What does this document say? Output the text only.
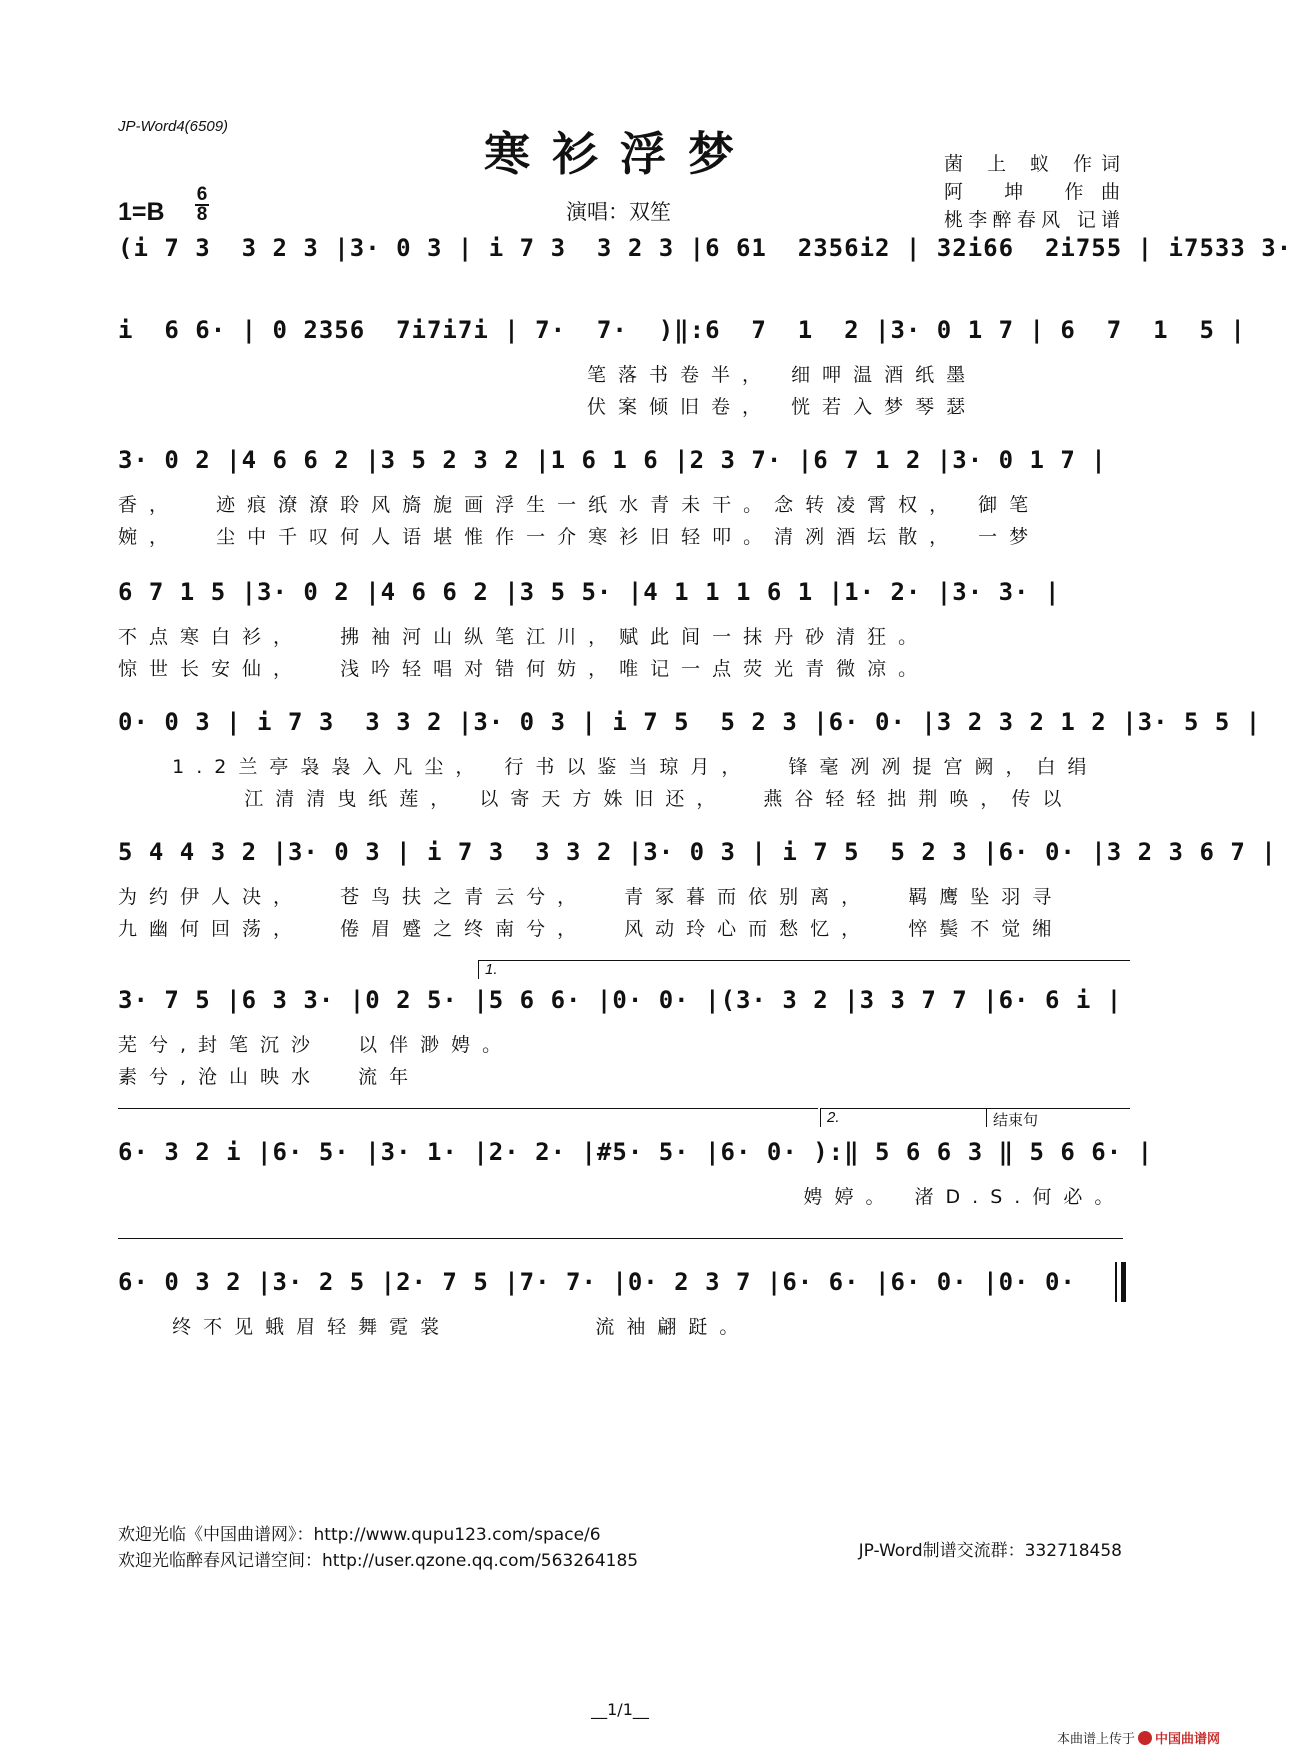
JP-Word4(6509)
寒衫浮梦	菌 上 蚁 作词
阿 坤 作曲
桃李醉春风 记谱
1=B
6
8	演唱：双笙
(i 7 3  3 2 3 |3· 0 3 | i 7 3  3 2 3 |6 61  2356i2 | 32i66  2i755 | i7533 3·
i  6 6· | 0 2356  7i7i7i | 7·  7·  )‖:6  7  1  2 |3· 0 1 7 | 6  7  1  5 |
笔落书卷半， 细呷温酒纸墨
伏案倾旧卷， 恍若入梦琴瑟
3· 0 2 |4 6 6 2 |3 5 2 3 2 |1 6 1 6 |2 3 7· |6 7 1 2 |3· 0 1 7 |
香，  迹痕潦潦聆风旖旎画浮生一纸水青未干。念转凌霄权， 御笔
婉，  尘中千叹何人语堪惟作一介寒衫旧轻叩。清冽酒坛散， 一梦
6 7 1 5 |3· 0 2 |4 6 6 2 |3 5 5· |4 1 1 1 6 1 |1· 2· |3· 3· |
不点寒白衫，  拂袖河山纵笔江川，赋此间一抹丹砂清狂。
惊世长安仙，  浅吟轻唱对错何妨，唯记一点荧光青微凉。
0· 0 3 | i 7 3  3 3 2 |3· 0 3 | i 7 5  5 2 3 |6· 0· |3 2 3 2 1 2 |3· 5 5 |
1.2兰亭袅袅入凡尘， 行书以鉴当琼月，  锋毫冽冽提宫阙，白绢
江清清曳纸莲， 以寄天方姝旧还，  燕谷轻轻拙荆唤，传以
5 4 4 3 2 |3· 0 3 | i 7 3  3 3 2 |3· 0 3 | i 7 5  5 2 3 |6· 0· |3 2 3 6 7 |
为约伊人决，  苍鸟扶之青云兮，  青冢暮而依别离，  羁鹰坠羽寻
九幽何回荡，  倦眉蹙之终南兮，  风动玲心而愁忆，  悴鬓不觉缃
1.
3· 7 5 |6 3 3· |0 2 5· |5 6 6· |0· 0· |(3· 3 2 |3 3 7 7 |6· 6 i |
芜兮,封笔沉沙  以伴渺娉。
素兮,沧山映水  流年
2.	结束句
6· 3 2 i |6· 5· |3· 1· |2· 2· |#5· 5· |6· 0· ):‖ 5 6 6 3 ‖ 5 6 6· |
娉婷。 渚D.S.何必。
6· 0 3 2 |3· 2 5 |2· 7 5 |7· 7· |0· 2 3 7 |6· 6· |6· 0· |0· 0·
终不见蛾眉轻舞霓裳        流袖翩跹。
欢迎光临《中国曲谱网》：http://www.qupu123.com/space/6
欢迎光临醉春风记谱空间：http://user.qzone.qq.com/563264185	JP-Word制谱交流群：332718458
__1/1__
本曲谱上传于 中国曲谱网
